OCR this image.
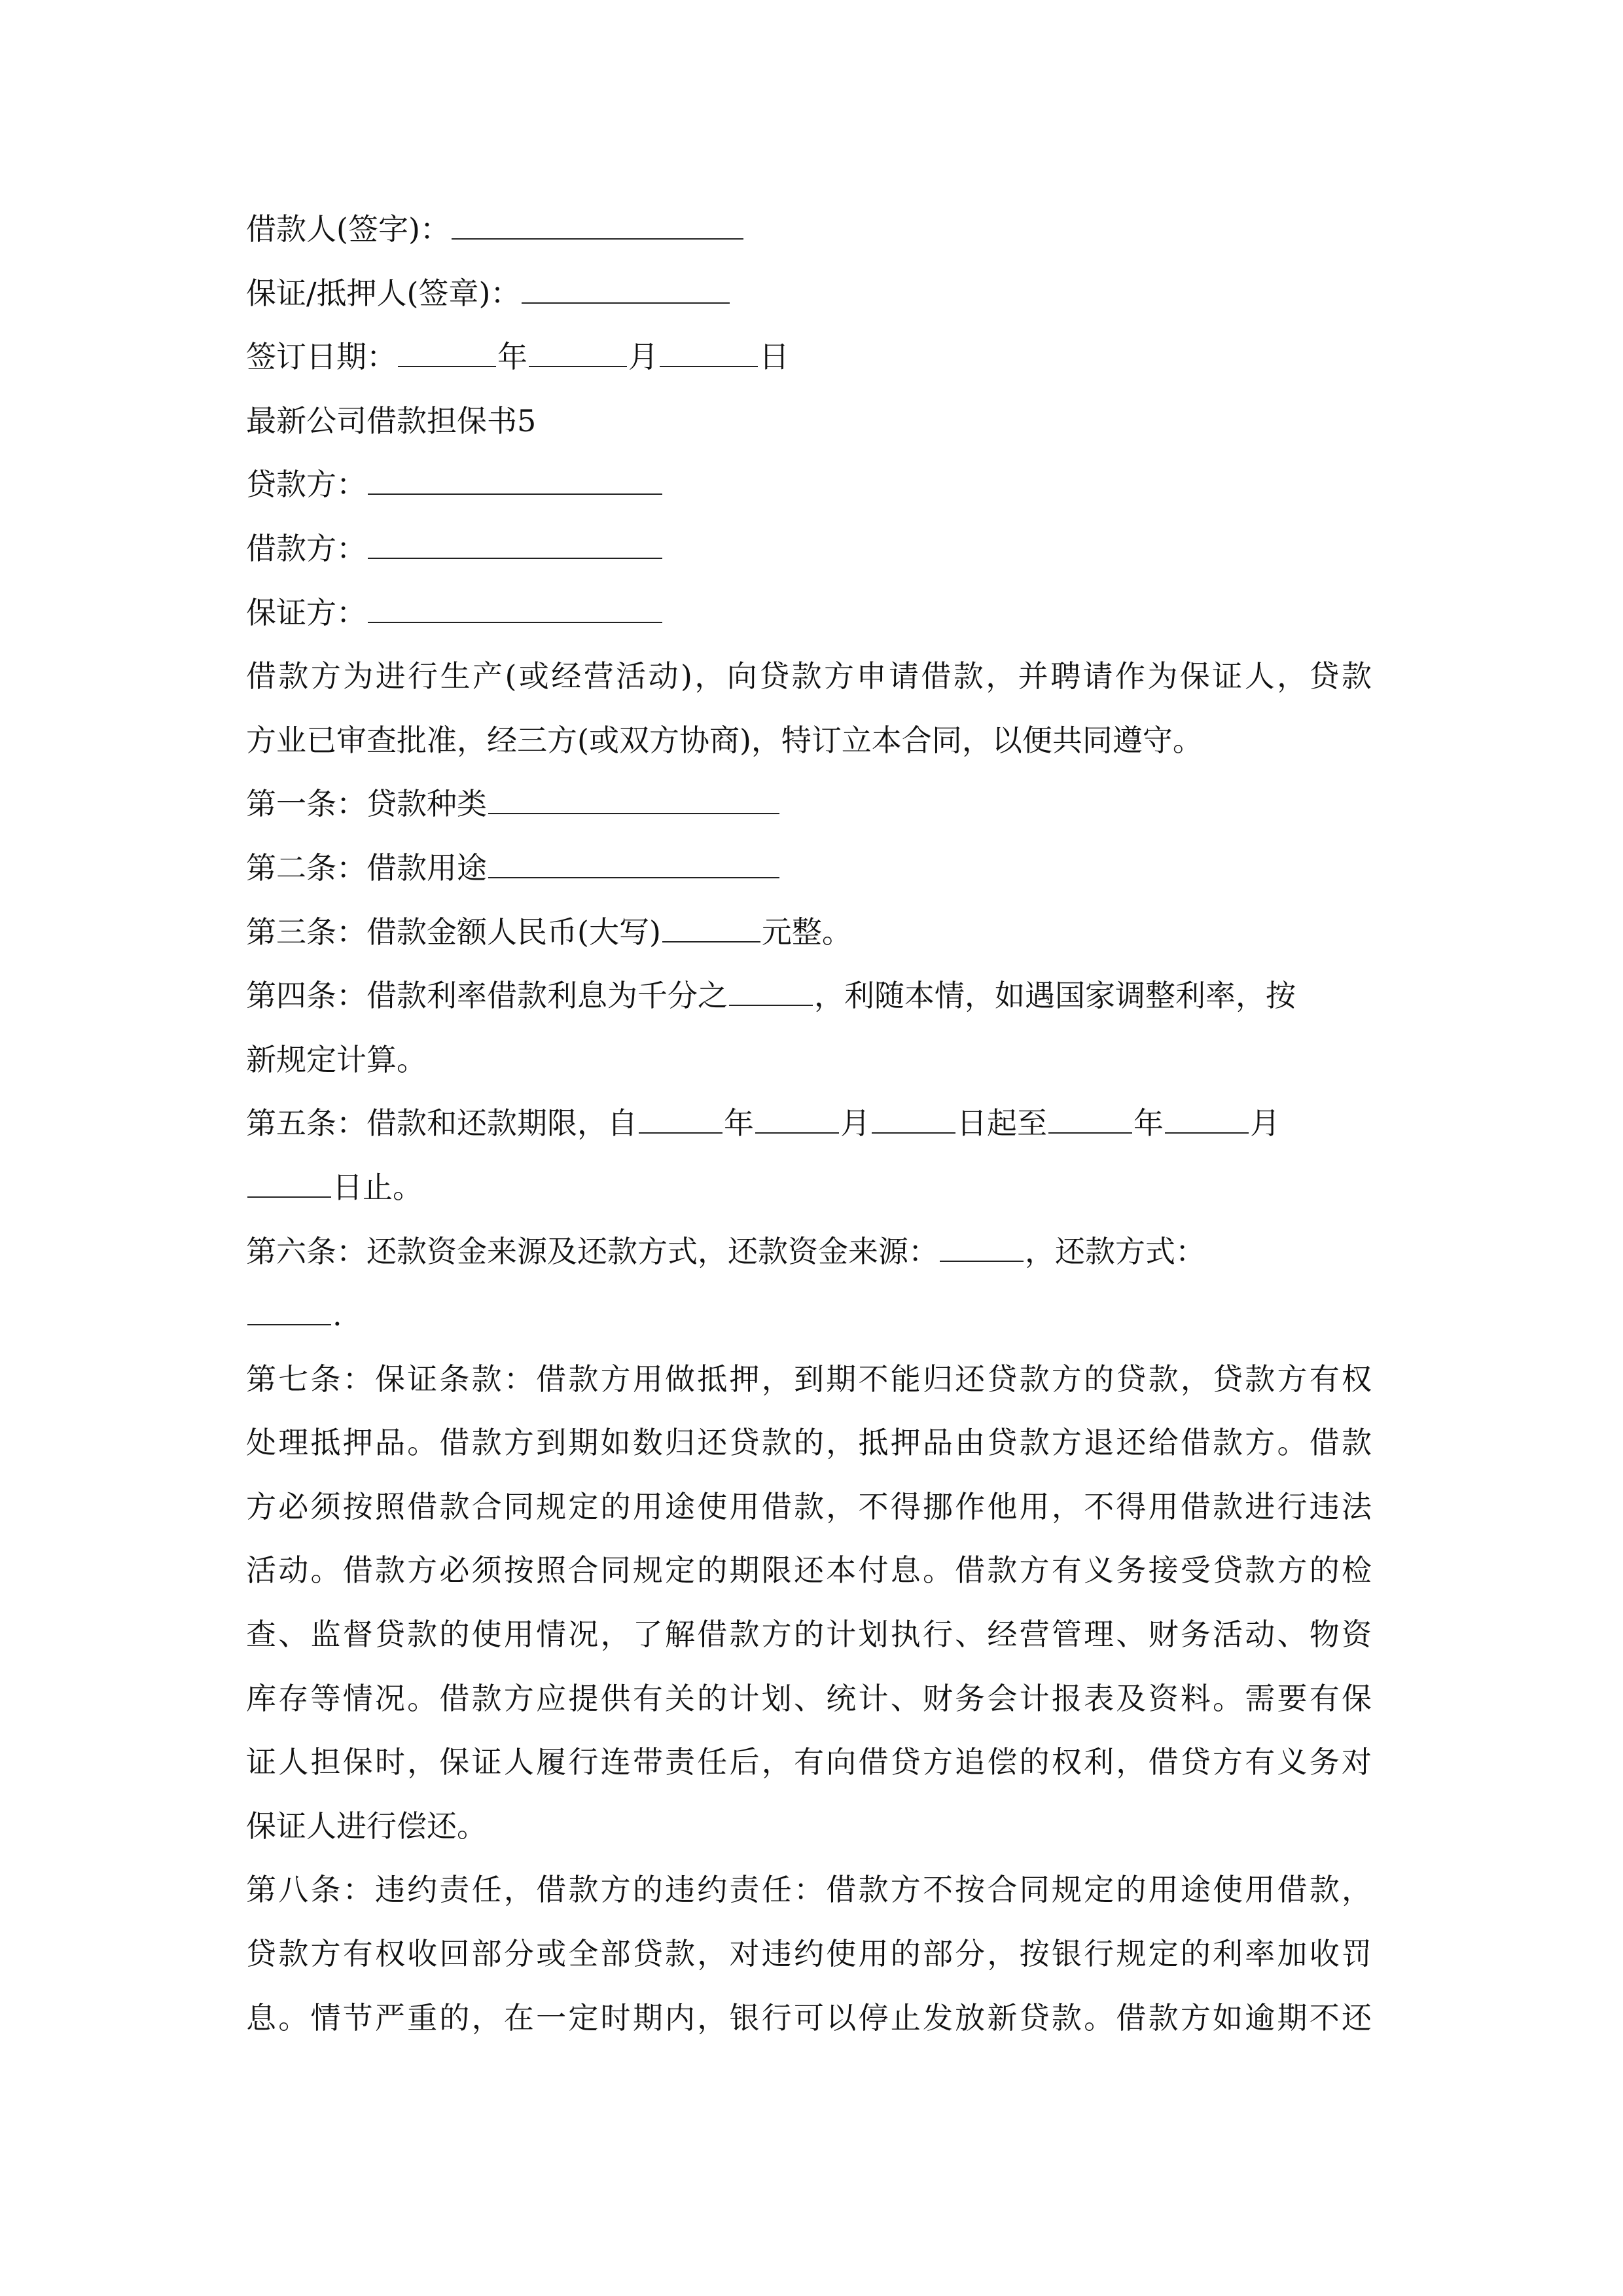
借款人(签字)：
保证/抵押人(签章)：
签订日期：	年	月	日
最新公司借款担保书5
贷款方：
借款方：
保证方：
借款方为进行生产(或经营活动)，向贷款方申请借款，并聘请作为保证人，贷款
方业已审查批准，经三方(或双方协商)，特订立本合同，以便共同遵守。
第一条：贷款种类
第二条：借款用途
第三条：借款金额人民币(大写)	元整。
第四条：借款利率借款利息为千分之	，利随本情，如遇国家调整利率，按
新规定计算。
第五条：借款和还款期限，自	年	月	日起至	年	月
日止。
第六条：还款资金来源及还款方式，还款资金来源：	，还款方式：
.
第七条：保证条款：借款方用做抵押，到期不能归还贷款方的贷款，贷款方有权
处理抵押品。借款方到期如数归还贷款的，抵押品由贷款方退还给借款方。借款
方必须按照借款合同规定的用途使用借款，不得挪作他用，不得用借款进行违法
活动。借款方必须按照合同规定的期限还本付息。借款方有义务接受贷款方的检
查、监督贷款的使用情况，了解借款方的计划执行、经营管理、财务活动、物资
库存等情况。借款方应提供有关的计划、统计、财务会计报表及资料。需要有保
证人担保时，保证人履行连带责任后，有向借贷方追偿的权利，借贷方有义务对
保证人进行偿还。
第八条：违约责任，借款方的违约责任：借款方不按合同规定的用途使用借款，
贷款方有权收回部分或全部贷款，对违约使用的部分，按银行规定的利率加收罚
息。情节严重的，在一定时期内，银行可以停止发放新贷款。借款方如逾期不还
